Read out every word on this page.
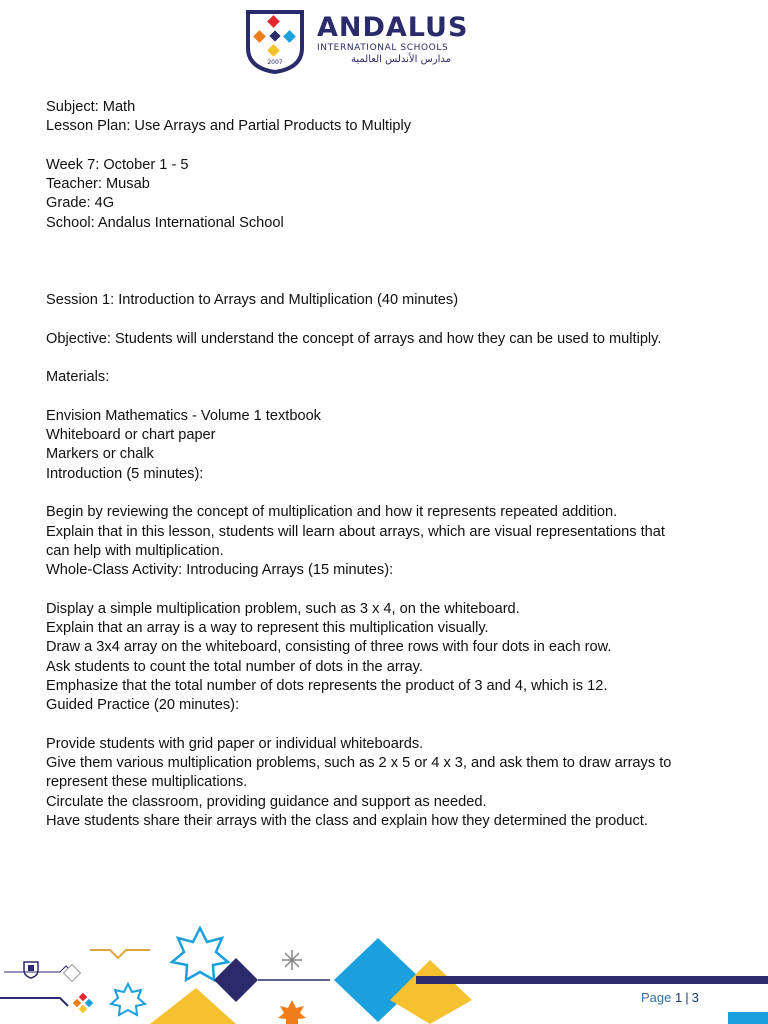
2007
ANDALUS
INTERNATIONAL SCHOOLS
مدارس الأندلس العالمية
Subject: Math
Lesson Plan: Use Arrays and Partial Products to Multiply
Week 7: October 1 - 5
Teacher: Musab
Grade: 4G
School: Andalus International School
Session 1: Introduction to Arrays and Multiplication (40 minutes)
Objective: Students will understand the concept of arrays and how they can be used to multiply.
Materials:
Envision Mathematics - Volume 1 textbook
Whiteboard or chart paper
Markers or chalk
Introduction (5 minutes):
Begin by reviewing the concept of multiplication and how it represents repeated addition.
Explain that in this lesson, students will learn about arrays, which are visual representations that
can help with multiplication.
Whole-Class Activity: Introducing Arrays (15 minutes):
Display a simple multiplication problem, such as 3 x 4, on the whiteboard.
Explain that an array is a way to represent this multiplication visually.
Draw a 3x4 array on the whiteboard, consisting of three rows with four dots in each row.
Ask students to count the total number of dots in the array.
Emphasize that the total number of dots represents the product of 3 and 4, which is 12.
Guided Practice (20 minutes):
Provide students with grid paper or individual whiteboards.
Give them various multiplication problems, such as 2 x 5 or 4 x 3, and ask them to draw arrays to
represent these multiplications.
Circulate the classroom, providing guidance and support as needed.
Have students share their arrays with the class and explain how they determined the product.
Page 1 | 3
